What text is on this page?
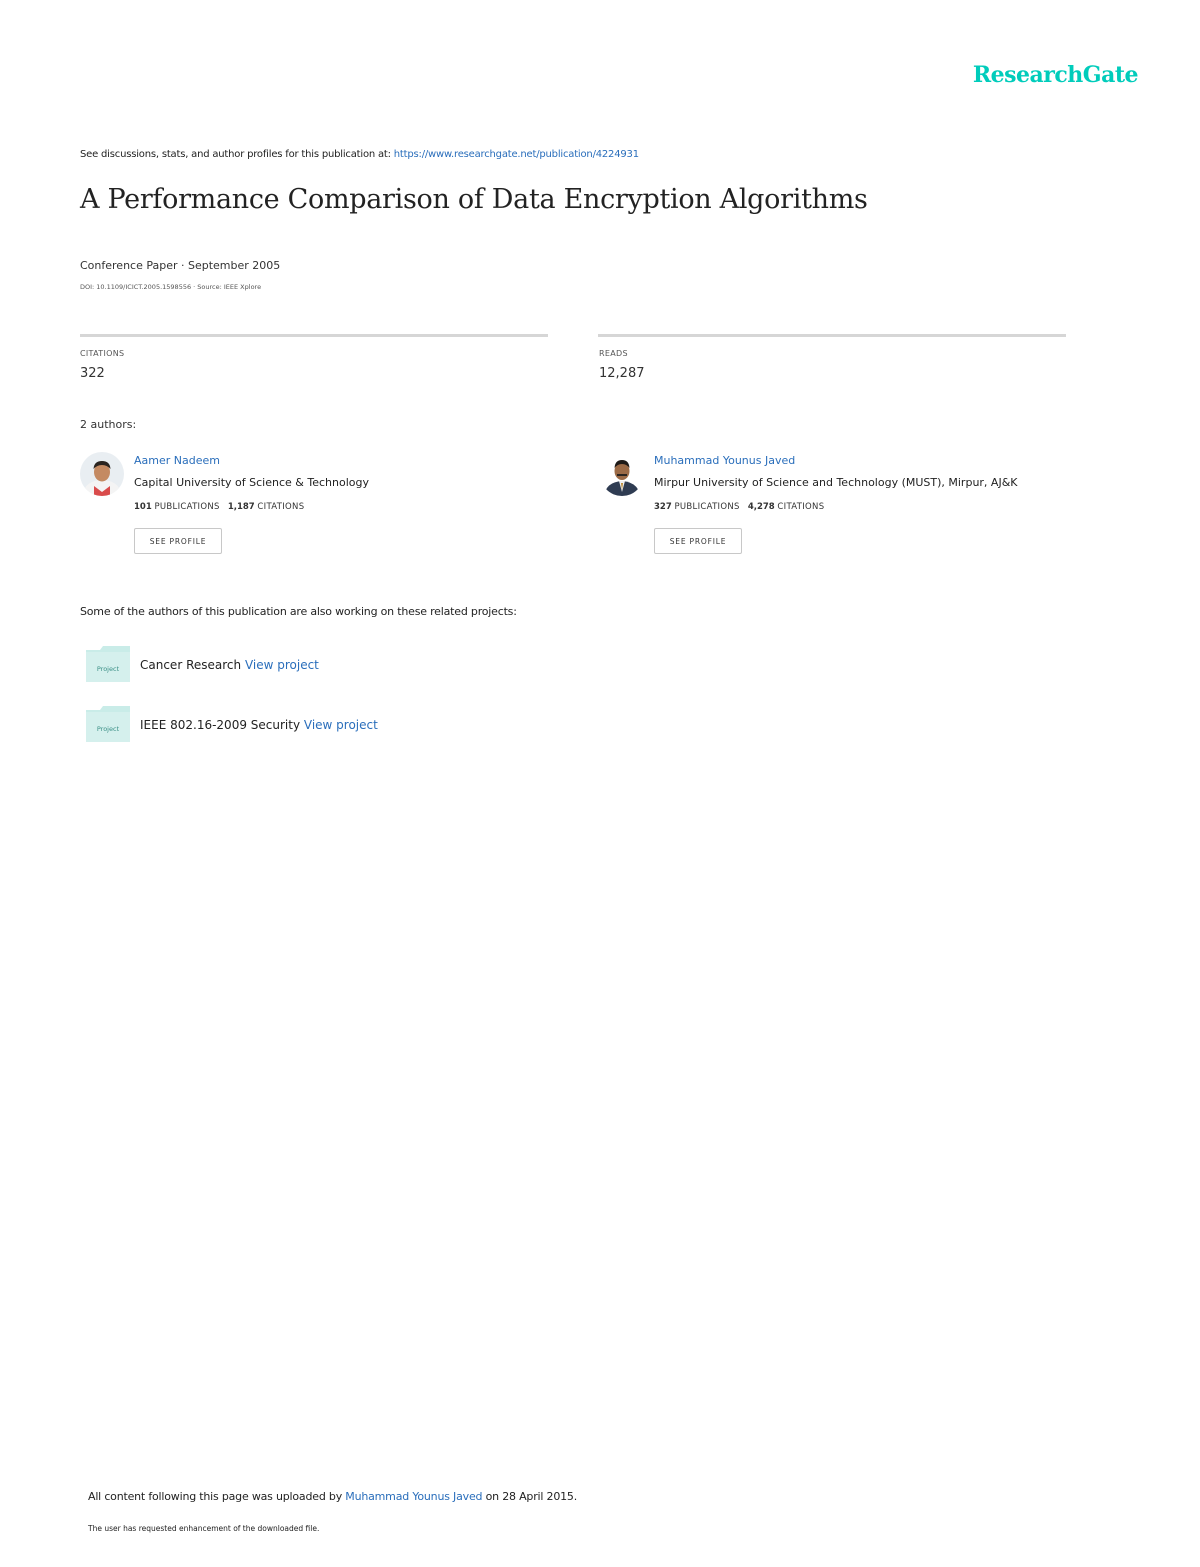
ResearchGate
See discussions, stats, and author profiles for this publication at: https://www.researchgate.net/publication/4224931
A Performance Comparison of Data Encryption Algorithms
Conference Paper · September 2005
DOI: 10.1109/ICICT.2005.1598556 · Source: IEEE Xplore
CITATIONS
322
READS
12,287
2 authors:
Aamer Nadeem
Capital University of Science & Technology
101 PUBLICATIONS 1,187 CITATIONS
SEE PROFILE
Muhammad Younus Javed
Mirpur University of Science and Technology (MUST), Mirpur, AJ&K
327 PUBLICATIONS 4,278 CITATIONS
SEE PROFILE
Some of the authors of this publication are also working on these related projects:
Project Cancer Research View project
Project IEEE 802.16-2009 Security View project
All content following this page was uploaded by Muhammad Younus Javed on 28 April 2015.
The user has requested enhancement of the downloaded file.
